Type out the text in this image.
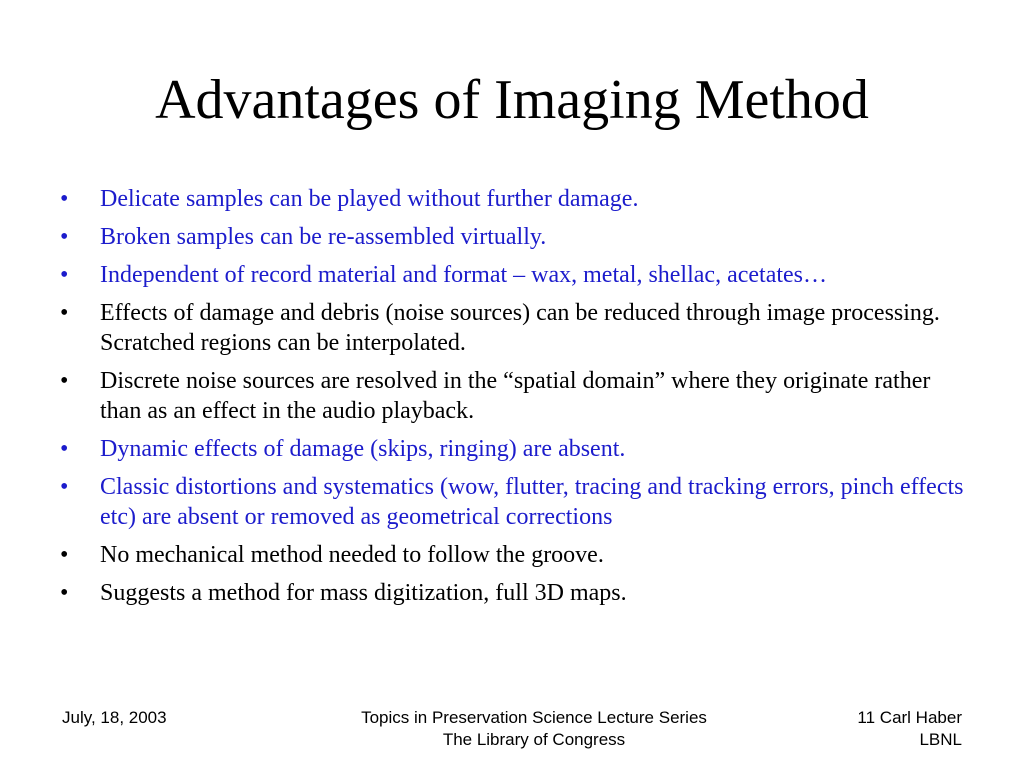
Advantages of Imaging Method
•	Delicate samples can be played without further damage.
•	Broken samples can be re-assembled virtually.
•	Independent of record material and format – wax, metal, shellac, acetates…
•	Effects of damage and debris (noise sources) can be reduced through image processing. Scratched regions can be interpolated.
•	Discrete noise sources are resolved in the “spatial domain” where they originate rather than as an effect in the audio playback.
•	Dynamic effects of damage (skips, ringing) are absent.
•	Classic distortions and systematics (wow, flutter, tracing and tracking errors, pinch effects etc) are absent or removed as geometrical corrections
•	No mechanical method needed to follow the groove.
•	Suggests a method for mass digitization, full 3D maps.
July, 18, 2003	Topics in Preservation Science Lecture Series
The Library of Congress
11 Carl Haber
LBNL
